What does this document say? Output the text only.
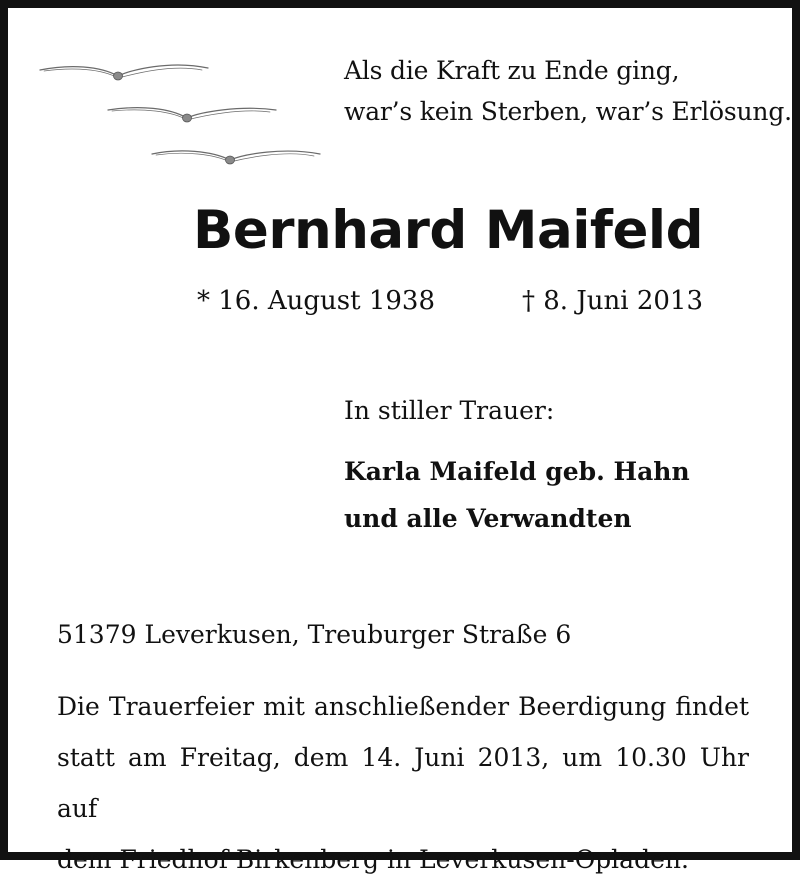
Als die Kraft zu Ende ging,
war’s kein Sterben, war’s Erlösung.
Bernhard Maifeld
* 16. August 1938	† 8. Juni 2013
In stiller Trauer:
Karla Maifeld geb. Hahn
und alle Verwandten
51379 Leverkusen, Treuburger Straße 6
Die Trauerfeier mit anschließender Beerdigung findet
statt am Freitag, dem 14. Juni 2013, um 10.30 Uhr auf
dem Friedhof Birkenberg in Leverkusen-Opladen.
